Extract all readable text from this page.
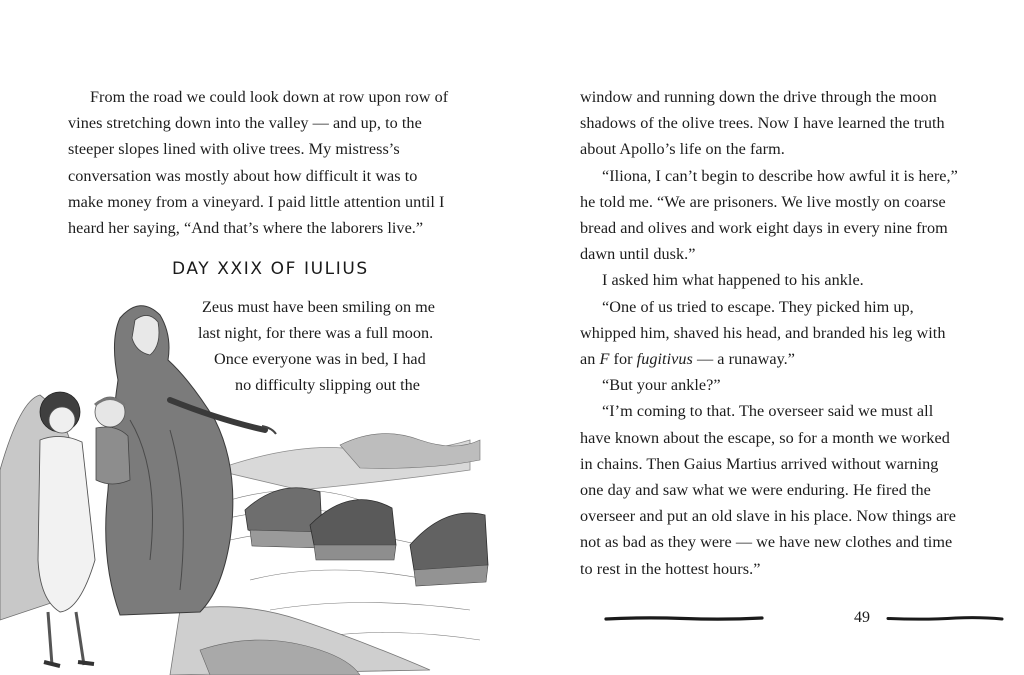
From the road we could look down at row upon row of vines stretching down into the valley — and up, to the steeper slopes lined with olive trees. My mistress’s conversation was mostly about how difficult it was to make money from a vineyard. I paid little attention until I heard her saying, “And that’s where the laborers live.”

DAY XXIX OF IULIUS

Zeus must have been smiling on me

last night, for there was a full moon.

Once everyone was in bed, I had

no difficulty slipping out the

window and running down the drive through the moon shadows of the olive trees. Now I have learned the truth about Apollo’s life on the farm.

“Iliona, I can’t begin to describe how awful it is here,” he told me. “We are prisoners. We live mostly on coarse bread and olives and work eight days in every nine from dawn until dusk.”

I asked him what happened to his ankle.

“One of us tried to escape. They picked him up, whipped him, shaved his head, and branded his leg with an F for fugitivus — a runaway.”

“But your ankle?”

“I’m coming to that. The overseer said we must all have known about the escape, so for a month we worked in chains. Then Gaius Martius arrived without warning one day and saw what we were enduring. He fired the overseer and put an old slave in his place. Now things are not as bad as they were — we have new clothes and time to rest in the hottest hours.”

49
